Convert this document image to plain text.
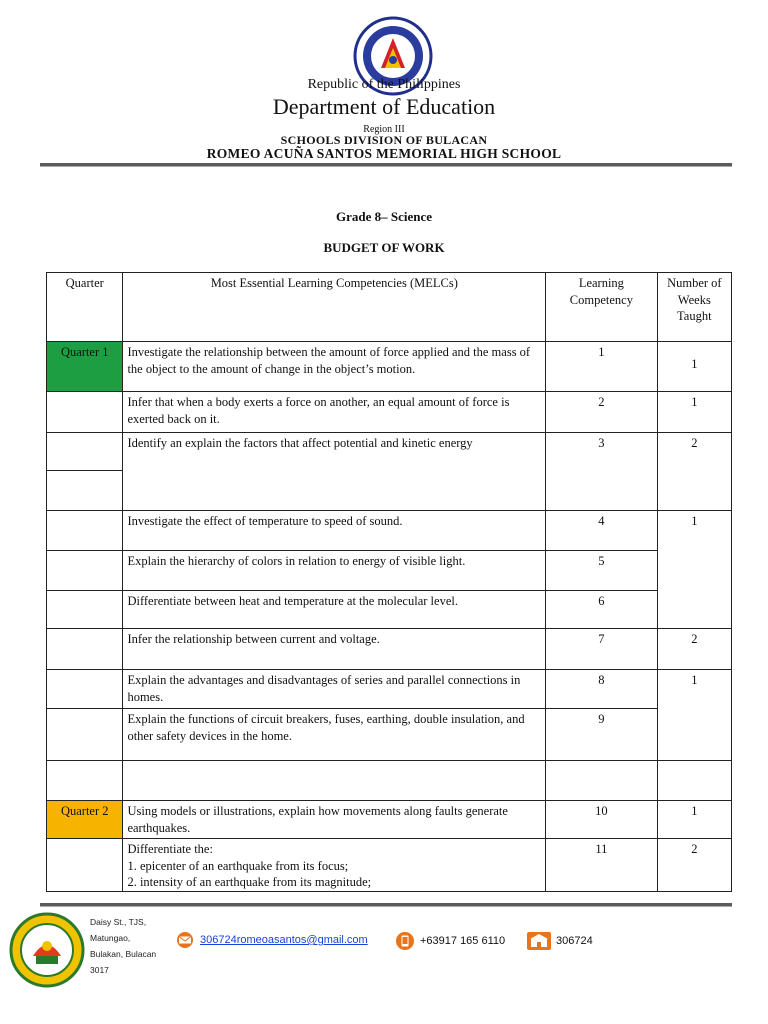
Republic of the Philippines
Department of Education
Region III
SCHOOLS DIVISION OF BULACAN
ROMEO ACUÑA SANTOS MEMORIAL HIGH SCHOOL
Grade 8– Science
BUDGET OF WORK
Quarter	Most Essential Learning Competencies (MELCs)	Learning Competency	Number of Weeks Taught
Quarter 1	Investigate the relationship between the amount of force applied and the mass of the object to the amount of change in the object’s motion.	1	1
	Infer that when a body exerts a force on another, an equal amount of force is exerted back on it.	2	1
	Identify an explain the factors that affect potential and kinetic energy	3	2

	Investigate the effect of temperature to speed of sound.	4	1
	Explain the hierarchy of colors in relation to energy of visible light.	5	
	Differentiate between heat and temperature at the molecular level.	6	
	Infer the relationship between current and voltage.	7	2
	Explain the advantages and disadvantages of series and parallel connections in homes.	8	1
	Explain the functions of circuit breakers, fuses, earthing, double insulation, and other safety devices in the home.	9	

Quarter 2	Using models or illustrations, explain how movements along faults generate earthquakes.	10	1

	Differentiate the:
1. epicenter of an earthquake from its focus;
2. intensity of an earthquake from its magnitude;	11	2
Daisy St., TJS,
Matungao,
Bulakan, Bulacan
3017
306724romeoasantos@gmail.com	+63917 165 6110	306724
